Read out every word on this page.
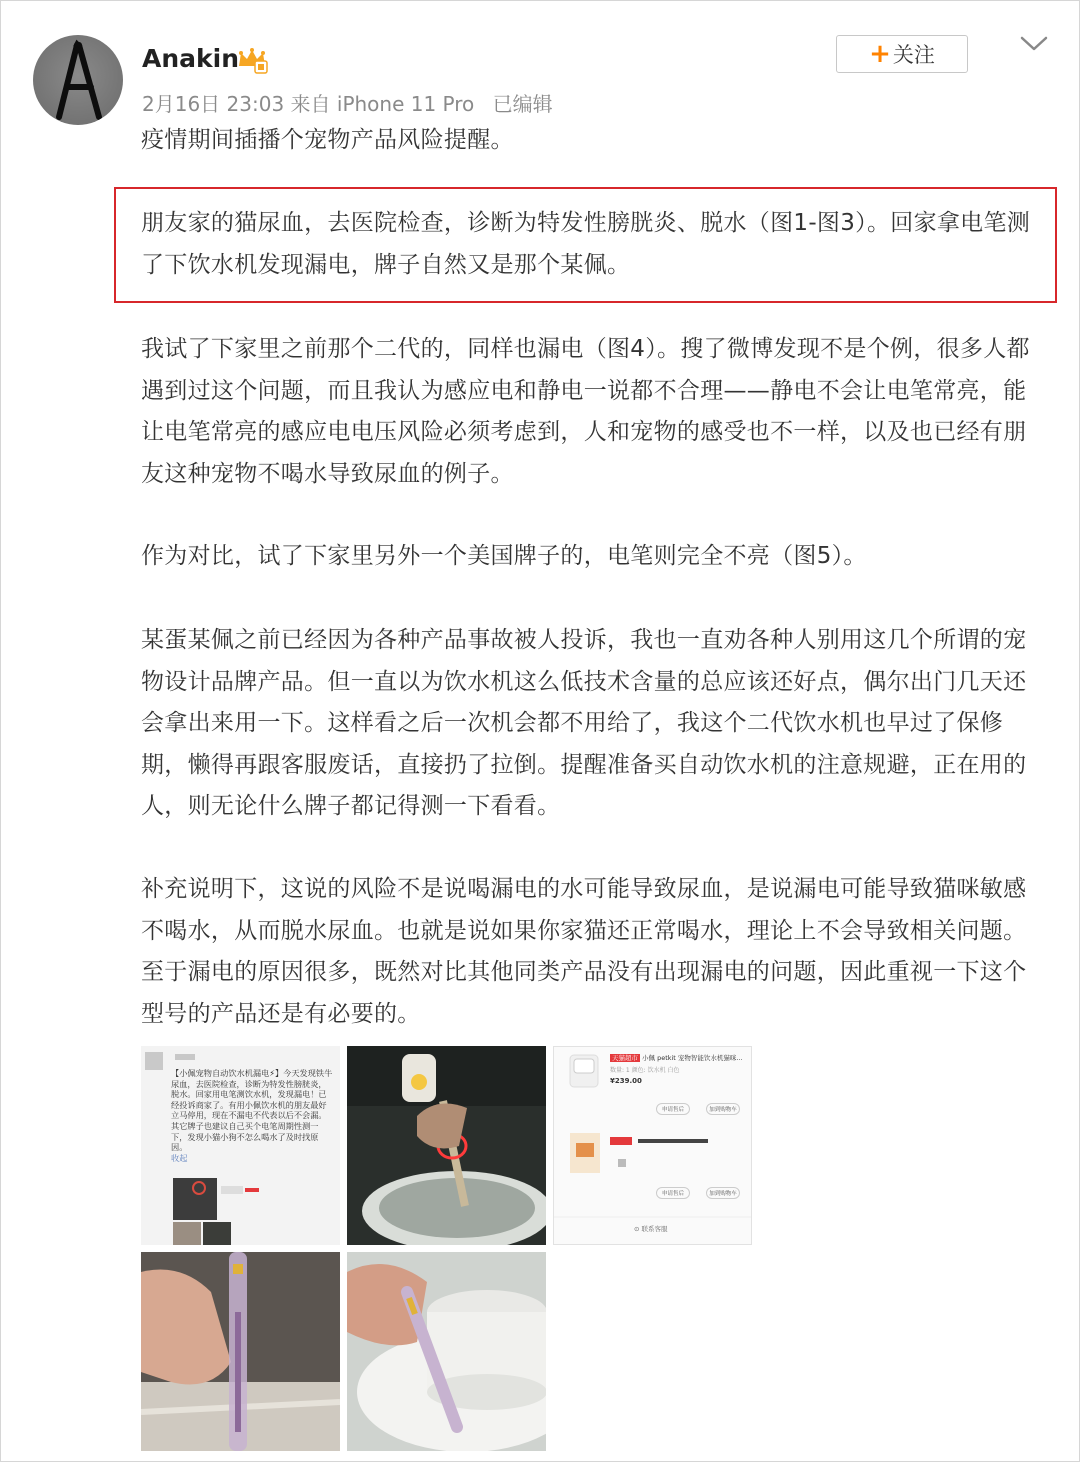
Anakin
2月16日 23:03 来自 iPhone 11 Pro 已编辑
+ 关注

疫情期间插播个宠物产品风险提醒。

朋友家的猫尿血，去医院检查，诊断为特发性膀胱炎、脱水（图1-图3）。回家拿电笔测了下饮水机发现漏电，牌子自然又是那个某佩。

我试了下家里之前那个二代的，同样也漏电（图4）。搜了微博发现不是个例，很多人都遇到过这个问题，而且我认为感应电和静电一说都不合理——静电不会让电笔常亮，能让电笔常亮的感应电电压风险必须考虑到，人和宠物的感受也不一样，以及也已经有朋友这种宠物不喝水导致尿血的例子。

作为对比，试了下家里另外一个美国牌子的，电笔则完全不亮（图5）。

某蛋某佩之前已经因为各种产品事故被人投诉，我也一直劝各种人别用这几个所谓的宠物设计品牌产品。但一直以为饮水机这么低技术含量的总应该还好点，偶尔出门几天还会拿出来用一下。这样看之后一次机会都不用给了，我这个二代饮水机也早过了保修期，懒得再跟客服废话，直接扔了拉倒。提醒准备买自动饮水机的注意规避，正在用的人，则无论什么牌子都记得测一下看看。

补充说明下，这说的风险不是说喝漏电的水可能导致尿血，是说漏电可能导致猫咪敏感不喝水，从而脱水尿血。也就是说如果你家猫还正常喝水，理论上不会导致相关问题。至于漏电的原因很多，既然对比其他同类产品没有出现漏电的问题，因此重视一下这个型号的产品还是有必要的。

【小佩宠物自动饮水机漏电⚡】今天发现铁牛尿血，去医院检查，诊断为特发性膀胱炎，脱水。回家用电笔测饮水机，发现漏电！已经投诉商家了。有用小佩饮水机的朋友最好立马停用，现在不漏电不代表以后不会漏。其它牌子也建议自己买个电笔周期性测一下，发现小猫小狗不怎么喝水了及时找原因。
收起
天猫超市 小佩 petkit 宠物智能饮水机猫咪...
数量: 1 颜色: 饮水机 白色
¥239.00
申请售后	加到购物车
申请售后	加到购物车
⊙ 联系客服
